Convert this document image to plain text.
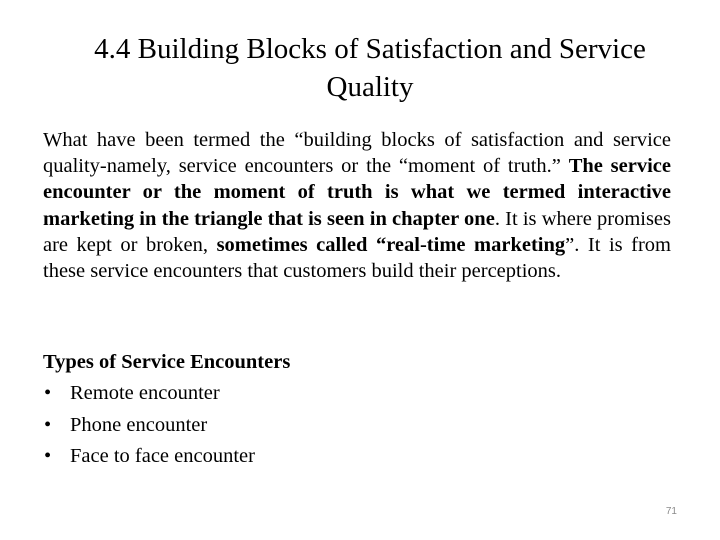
4.4 Building Blocks of Satisfaction and Service
Quality

What have been termed the “building blocks of satisfaction and service quality-namely, service encounters or the “moment of truth.” The service encounter or the moment of truth is what we termed interactive marketing in the triangle that is seen in chapter one. It is where promises are kept or broken, sometimes called “real-time marketing”. It is from these service encounters that customers build their perceptions.

Types of Service Encounters

• Remote encounter
• Phone encounter
• Face to face encounter
71
